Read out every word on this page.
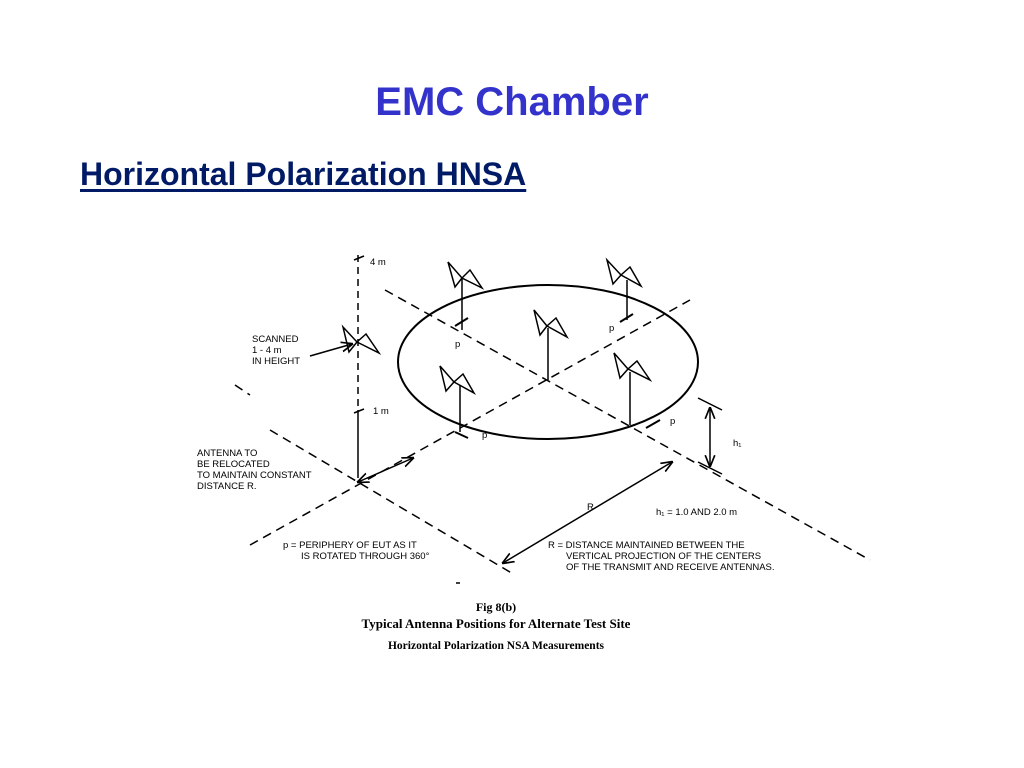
EMC Chamber
Horizontal Polarization HNSA
p
p
p
p
h₁
R
4 m
1 m
SCANNED 1 - 4 m IN HEIGHT
ANTENNA TO BE RELOCATED TO MAINTAIN CONSTANT DISTANCE R.
h₁ = 1.0 AND 2.0 m
p = PERIPHERY OF EUT AS IT IS ROTATED THROUGH 360°
R = DISTANCE MAINTAINED BETWEEN THE VERTICAL PROJECTION OF THE CENTERS OF THE TRANSMIT AND RECEIVE ANTENNAS.
Fig 8(b)
Typical Antenna Positions for Alternate Test Site
Horizontal Polarization NSA Measurements
